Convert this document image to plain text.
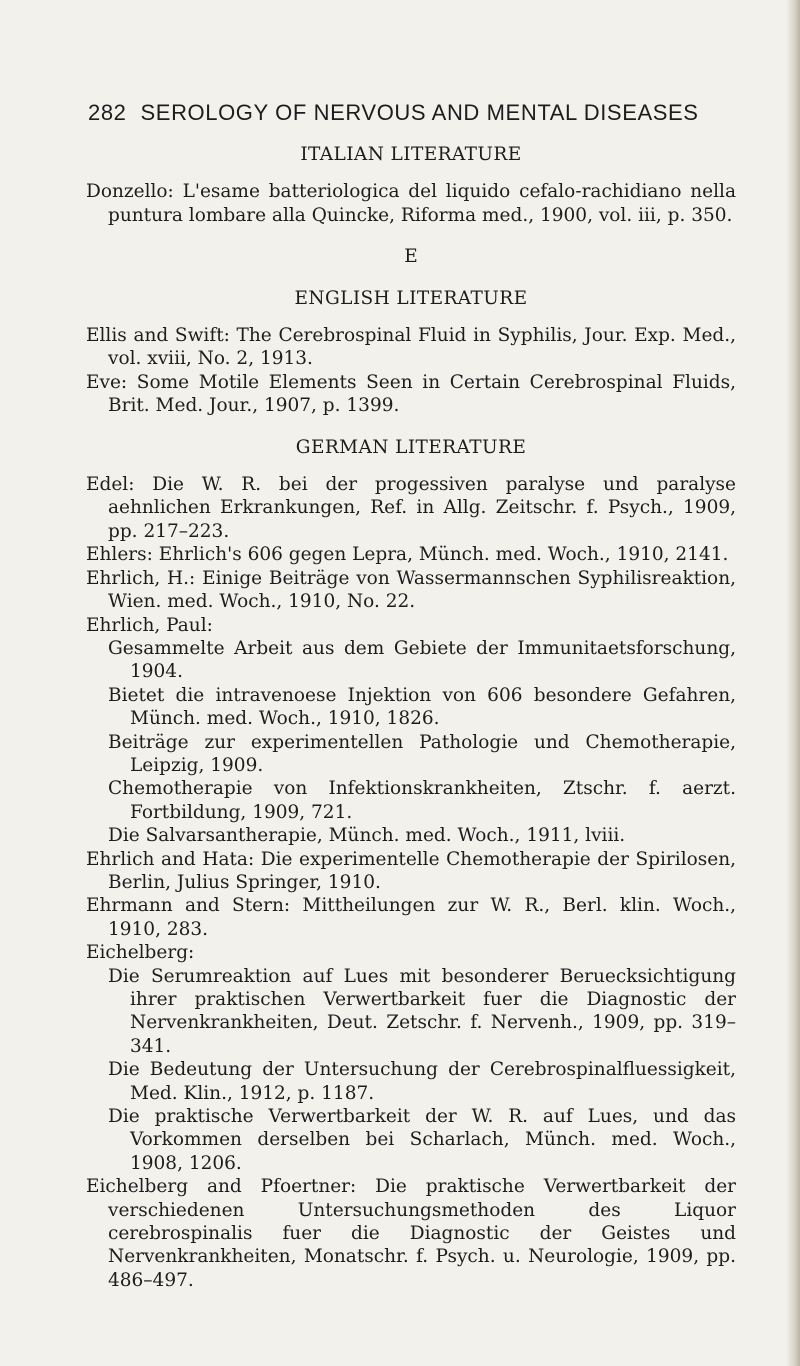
282 SEROLOGY OF NERVOUS AND MENTAL DISEASES

ITALIAN LITERATURE

Donzello: L'esame batteriologica del liquido cefalo-rachidiano nella puntura lombare alla Quincke, Riforma med., 1900, vol. iii, p. 350.

E

ENGLISH LITERATURE

Ellis and Swift: The Cerebrospinal Fluid in Syphilis, Jour. Exp. Med., vol. xviii, No. 2, 1913.

Eve: Some Motile Elements Seen in Certain Cerebrospinal Fluids, Brit. Med. Jour., 1907, p. 1399.

GERMAN LITERATURE

Edel: Die W. R. bei der progessiven paralyse und paralyse aehnlichen Erkrankungen, Ref. in Allg. Zeitschr. f. Psych., 1909, pp. 217–223.

Ehlers: Ehrlich's 606 gegen Lepra, Münch. med. Woch., 1910, 2141.

Ehrlich, H.: Einige Beiträge von Wassermannschen Syphilisreaktion, Wien. med. Woch., 1910, No. 22.

Ehrlich, Paul:

Gesammelte Arbeit aus dem Gebiete der Immunitaetsforschung, 1904.

Bietet die intravenoese Injektion von 606 besondere Gefahren, Münch. med. Woch., 1910, 1826.

Beiträge zur experimentellen Pathologie und Chemotherapie, Leipzig, 1909.

Chemotherapie von Infektionskrankheiten, Ztschr. f. aerzt. Fortbildung, 1909, 721.

Die Salvarsantherapie, Münch. med. Woch., 1911, lviii.

Ehrlich and Hata: Die experimentelle Chemotherapie der Spirilosen, Berlin, Julius Springer, 1910.

Ehrmann and Stern: Mittheilungen zur W. R., Berl. klin. Woch., 1910, 283.

Eichelberg:

Die Serumreaktion auf Lues mit besonderer Beruecksichtigung ihrer praktischen Verwertbarkeit fuer die Diagnostic der Nervenkrankheiten, Deut. Zetschr. f. Nervenh., 1909, pp. 319–341.

Die Bedeutung der Untersuchung der Cerebrospinalfluessigkeit, Med. Klin., 1912, p. 1187.

Die praktische Verwertbarkeit der W. R. auf Lues, und das Vorkommen derselben bei Scharlach, Münch. med. Woch., 1908, 1206.

Eichelberg and Pfoertner: Die praktische Verwertbarkeit der verschiedenen Untersuchungsmethoden des Liquor cerebrospinalis fuer die Diagnostic der Geistes und Nervenkrankheiten, Monatschr. f. Psych. u. Neurologie, 1909, pp. 486–497.
